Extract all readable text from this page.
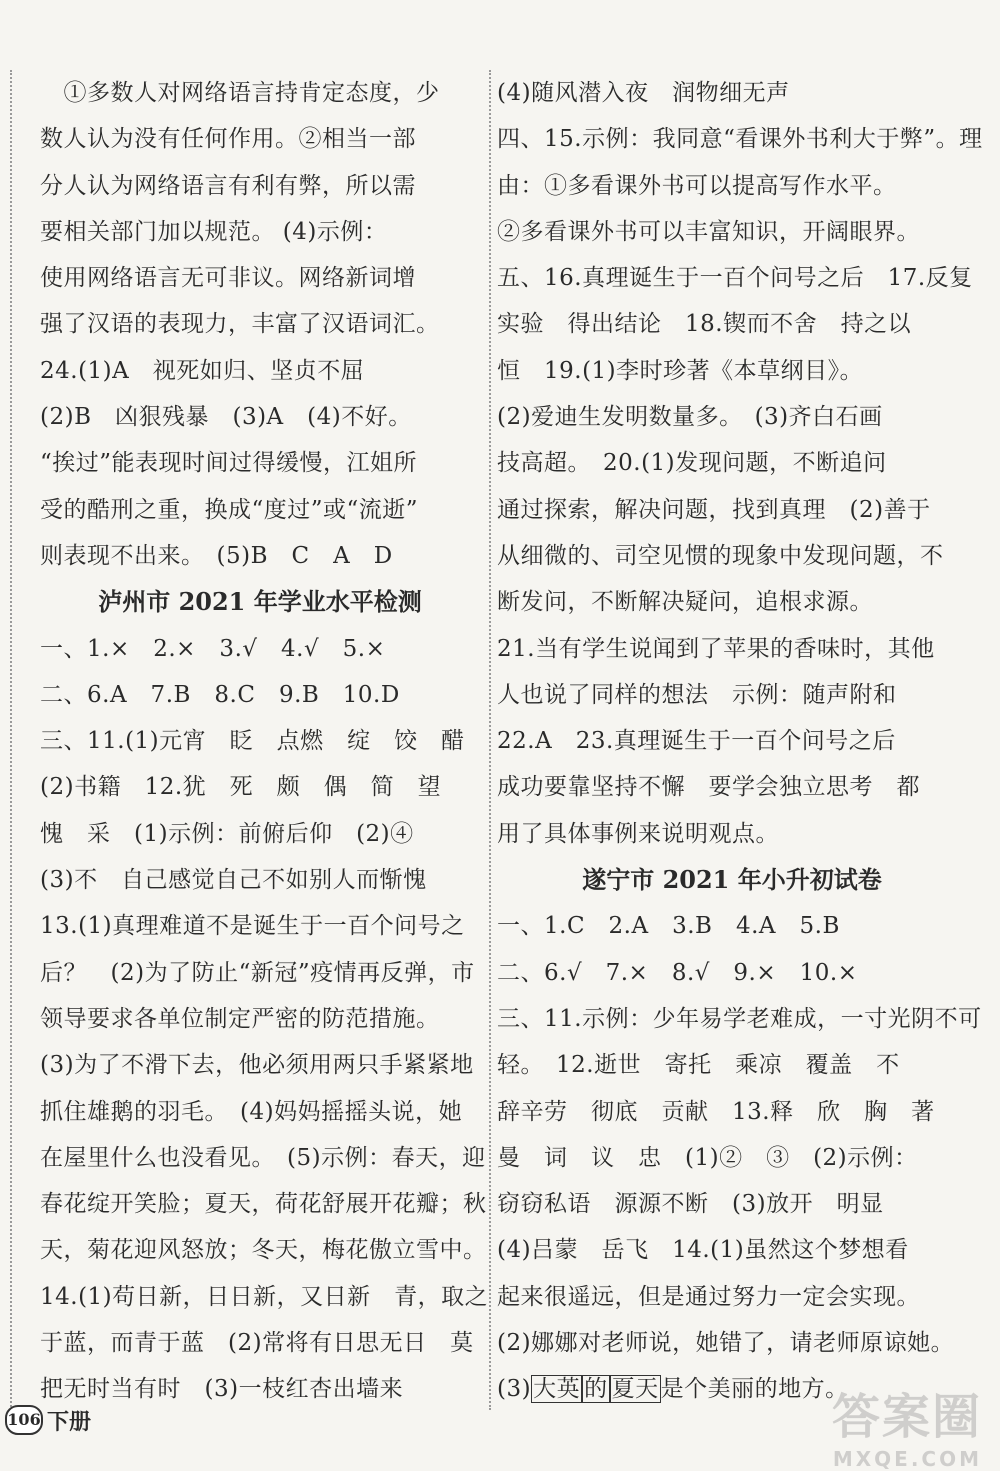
　①多数人对网络语言持肯定态度，少
数人认为没有任何作用。②相当一部
分人认为网络语言有利有弊，所以需
要相关部门加以规范。 (4)示例：
使用网络语言无可非议。网络新词增
强了汉语的表现力，丰富了汉语词汇。
24.(1)A　视死如归、坚贞不屈
(2)B　凶狠残暴　(3)A　(4)不好。
“挨过”能表现时间过得缓慢，江姐所
受的酷刑之重，换成“度过”或“流逝”
则表现不出来。　(5)B　C　A　D
泸州市 2021 年学业水平检测
一、1.×　2.×　3.√　4.√　5.×
二、6.A　7.B　8.C　9.B　10.D
三、11.(1)元宵　眨　点燃　绽　饺　醋
(2)书籍　12.犹　死　颇　偶　简　望
愧　采　(1)示例：前俯后仰　(2)④
(3)不　自己感觉自己不如别人而惭愧
13.(1)真理难道不是诞生于一百个问号之
后？　(2)为了防止“新冠”疫情再反弹，市
领导要求各单位制定严密的防范措施。
(3)为了不滑下去，他必须用两只手紧紧地
抓住雄鹅的羽毛。　(4)妈妈摇摇头说，她
在屋里什么也没看见。　(5)示例：春天，迎
春花绽开笑脸；夏天，荷花舒展开花瓣；秋
天，菊花迎风怒放；冬天，梅花傲立雪中。
14.(1)苟日新，日日新，又日新　青，取之
于蓝，而青于蓝　(2)常将有日思无日　莫
把无时当有时　(3)一枝红杏出墙来
(4)随风潜入夜　润物细无声
四、15.示例：我同意“看课外书利大于弊”。理
由：①多看课外书可以提高写作水平。
②多看课外书可以丰富知识，开阔眼界。
五、16.真理诞生于一百个问号之后　17.反复
实验　得出结论　18.锲而不舍　持之以
恒　19.(1)李时珍著《本草纲目》。
(2)爱迪生发明数量多。　(3)齐白石画
技高超。　20.(1)发现问题，不断追问
通过探索，解决问题，找到真理　(2)善于
从细微的、司空见惯的现象中发现问题，不
断发问，不断解决疑问，追根求源。
21.当有学生说闻到了苹果的香味时，其他
人也说了同样的想法　示例：随声附和
22.A　23.真理诞生于一百个问号之后
成功要靠坚持不懈　要学会独立思考　都
用了具体事例来说明观点。
遂宁市 2021 年小升初试卷
一、1.C　2.A　3.B　4.A　5.B
二、6.√　7.×　8.√　9.×　10.×
三、11.示例：少年易学老难成，一寸光阴不可
轻。　12.逝世　寄托　乘凉　覆盖　不
辞辛劳　彻底　贡献　13.释　欣　胸　著
曼　词　议　忠　(1)②　③　(2)示例：
窃窃私语　源源不断　(3)放开　明显
(4)吕蒙　岳飞　14.(1)虽然这个梦想看
起来很遥远，但是通过努力一定会实现。
(2)娜娜对老师说，她错了，请老师原谅她。
(3)大英 的 夏天是个美丽的地方。
106 下册	答案圈
MXQE.COM
